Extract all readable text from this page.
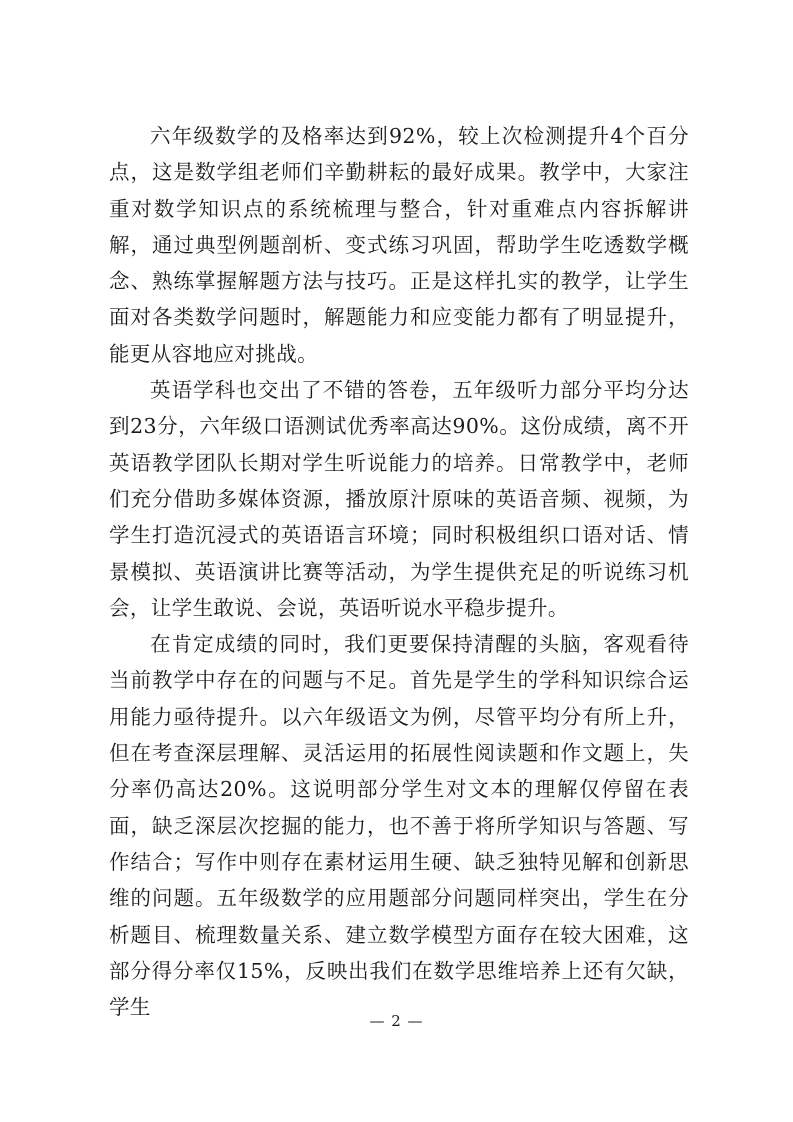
六年级数学的及格率达到92%，较上次检测提升4个百分点，这是数学组老师们辛勤耕耘的最好成果。教学中，大家注重对数学知识点的系统梳理与整合，针对重难点内容拆解讲解，通过典型例题剖析、变式练习巩固，帮助学生吃透数学概念、熟练掌握解题方法与技巧。正是这样扎实的教学，让学生面对各类数学问题时，解题能力和应变能力都有了明显提升，能更从容地应对挑战。

英语学科也交出了不错的答卷，五年级听力部分平均分达到23分，六年级口语测试优秀率高达90%。这份成绩，离不开英语教学团队长期对学生听说能力的培养。日常教学中，老师们充分借助多媒体资源，播放原汁原味的英语音频、视频，为学生打造沉浸式的英语语言环境；同时积极组织口语对话、情景模拟、英语演讲比赛等活动，为学生提供充足的听说练习机会，让学生敢说、会说，英语听说水平稳步提升。

在肯定成绩的同时，我们更要保持清醒的头脑，客观看待当前教学中存在的问题与不足。首先是学生的学科知识综合运用能力亟待提升。以六年级语文为例，尽管平均分有所上升，但在考查深层理解、灵活运用的拓展性阅读题和作文题上，失分率仍高达20%。这说明部分学生对文本的理解仅停留在表面，缺乏深层次挖掘的能力，也不善于将所学知识与答题、写作结合；写作中则存在素材运用生硬、缺乏独特见解和创新思维的问题。五年级数学的应用题部分问题同样突出，学生在分析题目、梳理数量关系、建立数学模型方面存在较大困难，这部分得分率仅15%，反映出我们在数学思维培养上还有欠缺，学生

— 2 —
